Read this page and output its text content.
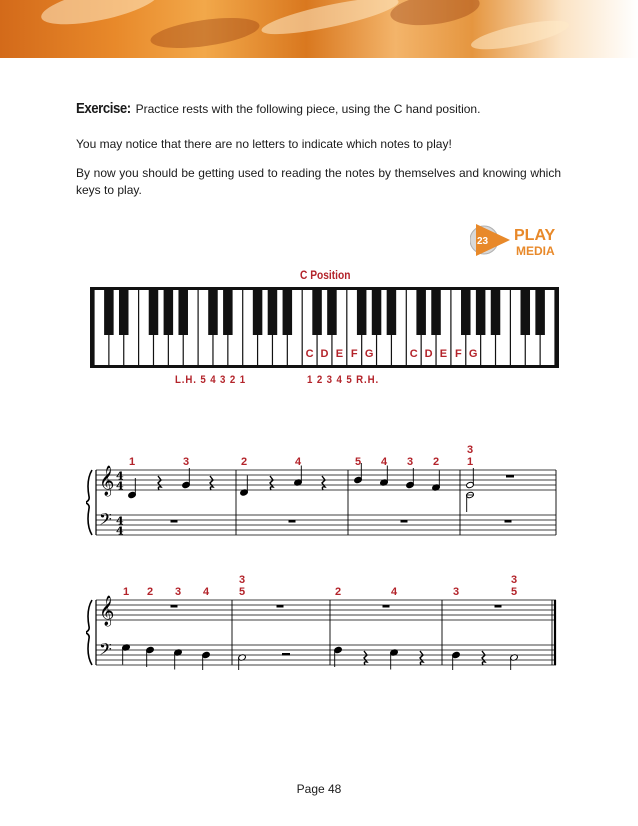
Exercise: Practice rests with the following piece, using the C hand position.
You may notice that there are no letters to indicate which notes to play!
By now you should be getting used to reading the notes by themselves and knowing which keys to play.
23 PLAY
MEDIA
C Position
C D E F G	C D E F G
L.H. 5 4 3 2 1	1 2 3 4 5 R.H.
𝄞
𝄢
4
4
4
4
1	3	2	4	5 4 3 2
3
1
𝄞
𝄢
1 2 3 4
3
5	2	4	3
3
5
Page 48
